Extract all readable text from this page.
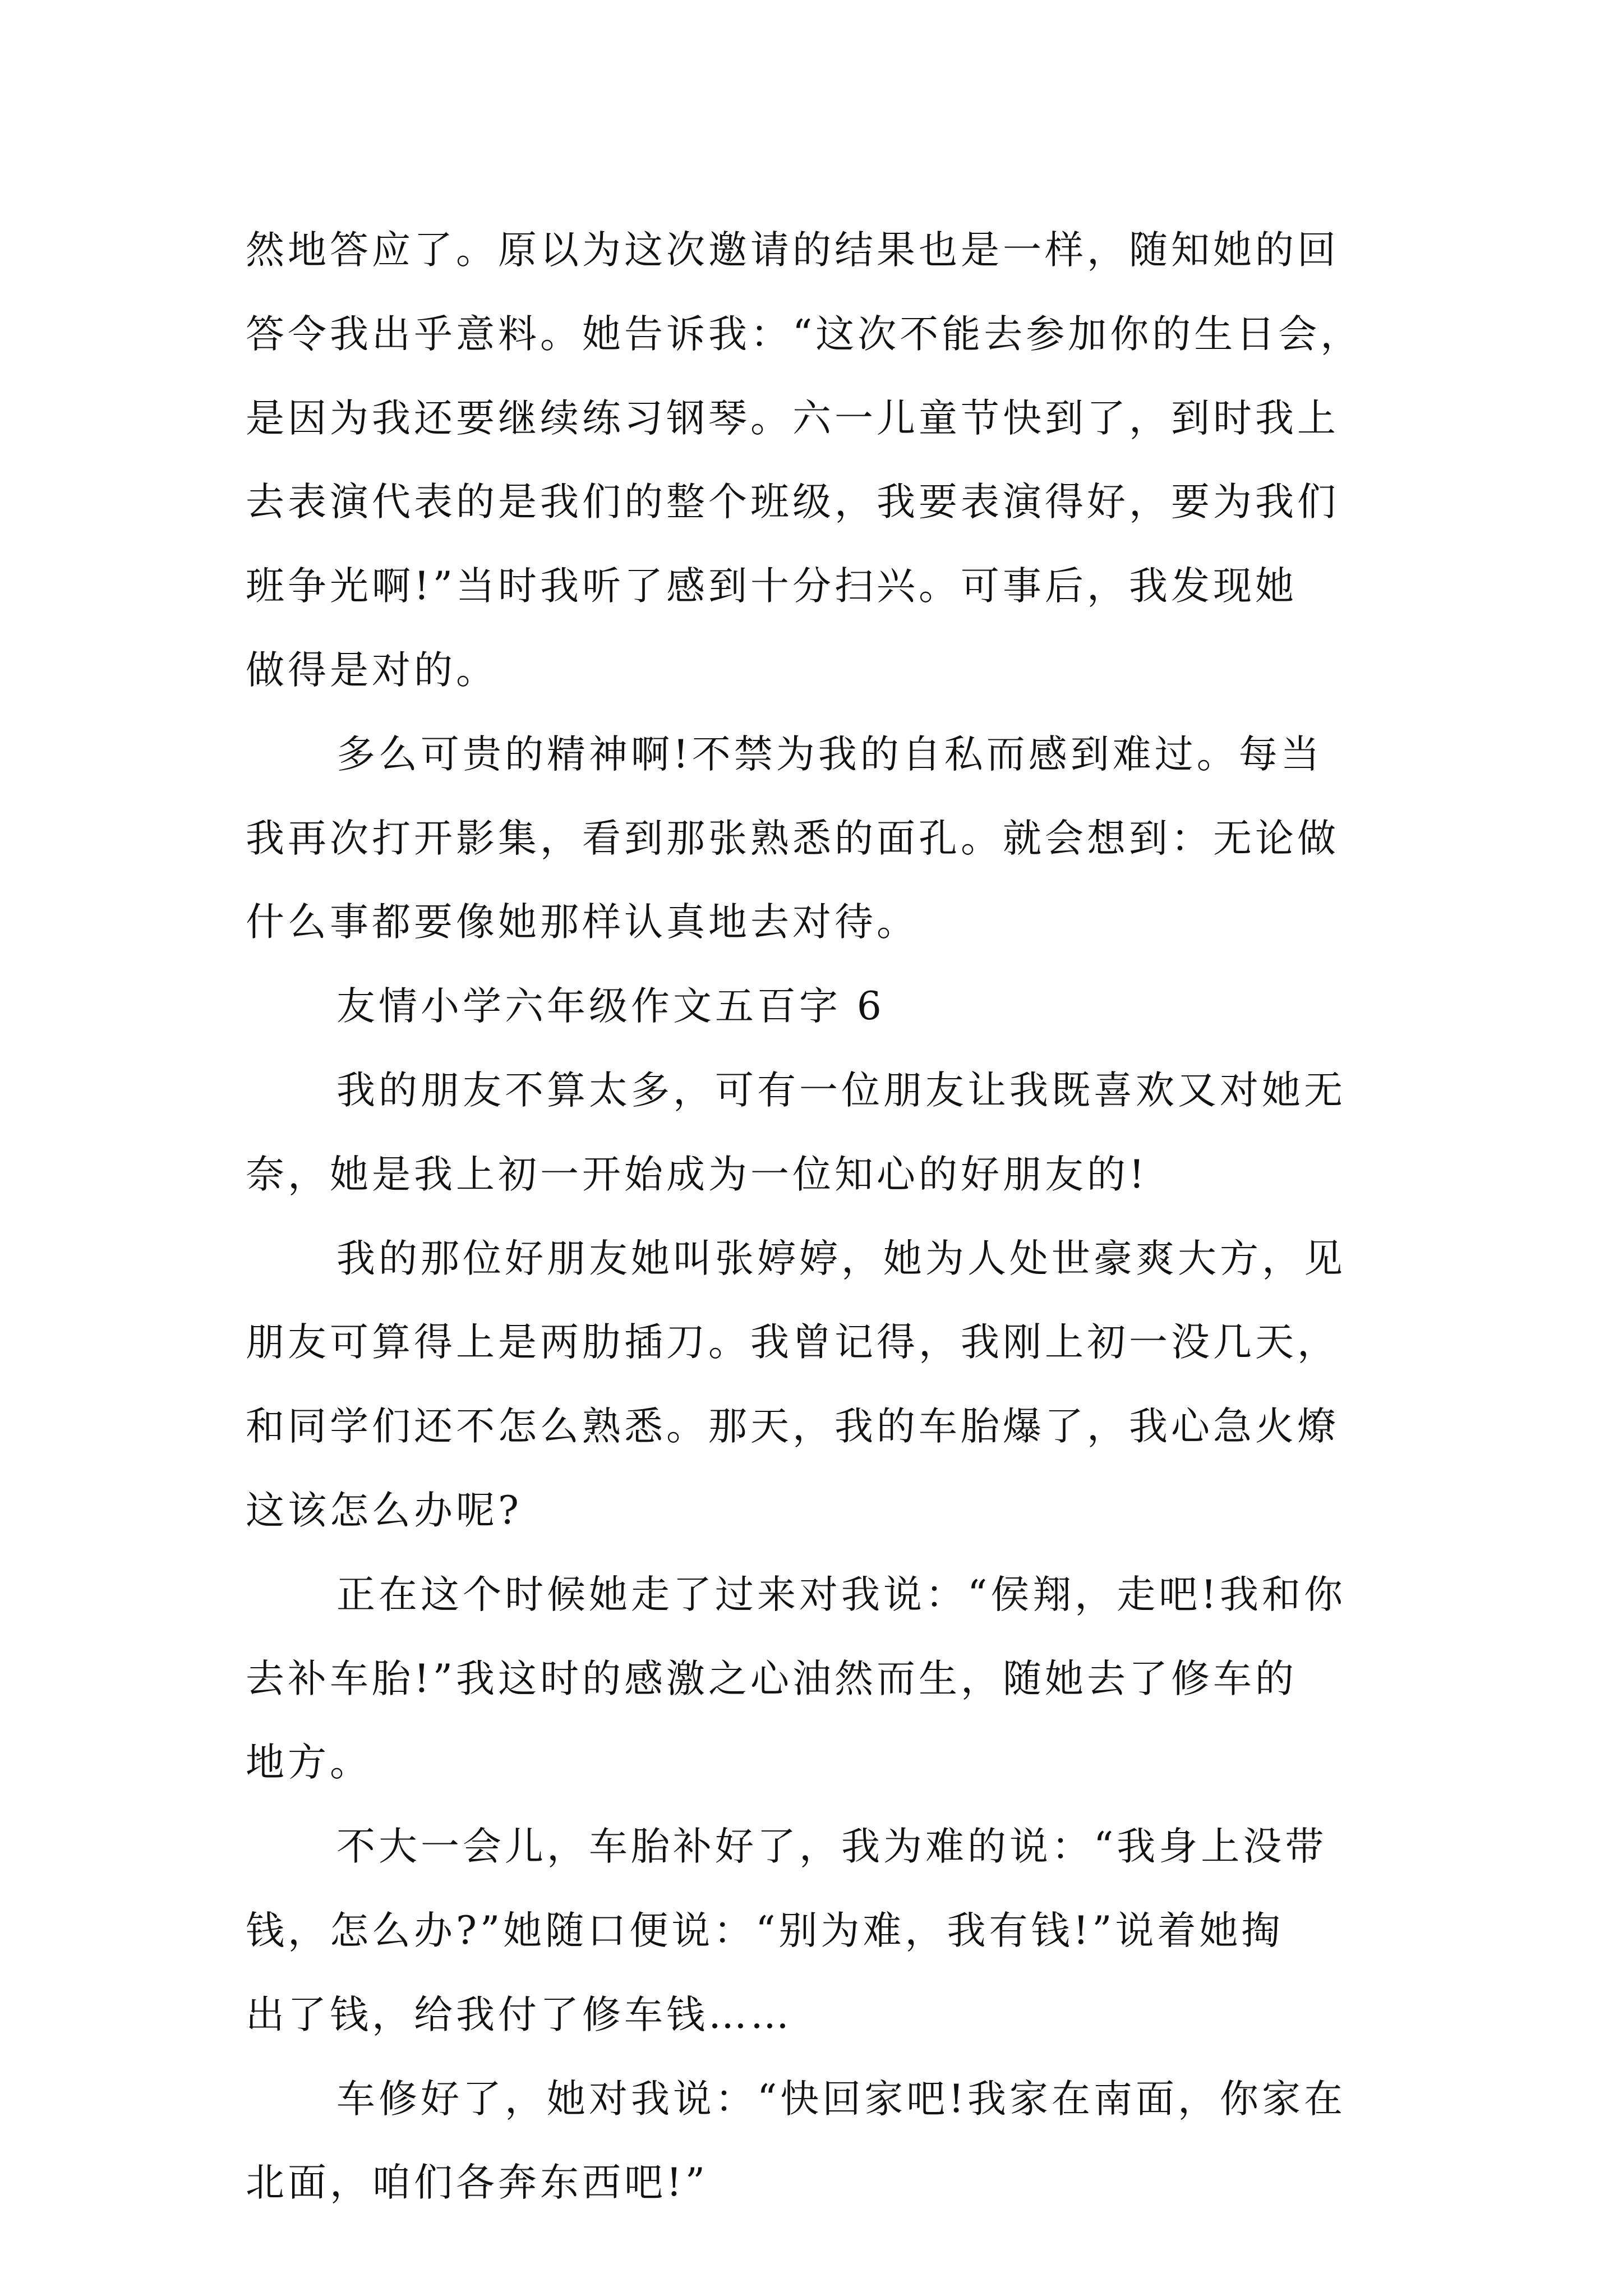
然地答应了。原以为这次邀请的结果也是一样，随知她的回
答令我出乎意料。她告诉我：“这次不能去参加你的生日会，
是因为我还要继续练习钢琴。六一儿童节快到了，到时我上
去表演代表的是我们的整个班级，我要表演得好，要为我们
班争光啊!”当时我听了感到十分扫兴。可事后，我发现她
做得是对的。
多么可贵的精神啊!不禁为我的自私而感到难过。每当
我再次打开影集，看到那张熟悉的面孔。就会想到：无论做
什么事都要像她那样认真地去对待。
友情小学六年级作文五百字 6
我的朋友不算太多，可有一位朋友让我既喜欢又对她无
奈，她是我上初一开始成为一位知心的好朋友的!
我的那位好朋友她叫张婷婷，她为人处世豪爽大方，见
朋友可算得上是两肋插刀。我曾记得，我刚上初一没几天，
和同学们还不怎么熟悉。那天，我的车胎爆了，我心急火燎
这该怎么办呢?
正在这个时候她走了过来对我说：“侯翔，走吧!我和你
去补车胎!”我这时的感激之心油然而生，随她去了修车的
地方。
不大一会儿，车胎补好了，我为难的说：“我身上没带
钱，怎么办?”她随口便说：“别为难，我有钱!”说着她掏
出了钱，给我付了修车钱……
车修好了，她对我说：“快回家吧!我家在南面，你家在
北面，咱们各奔东西吧!”
